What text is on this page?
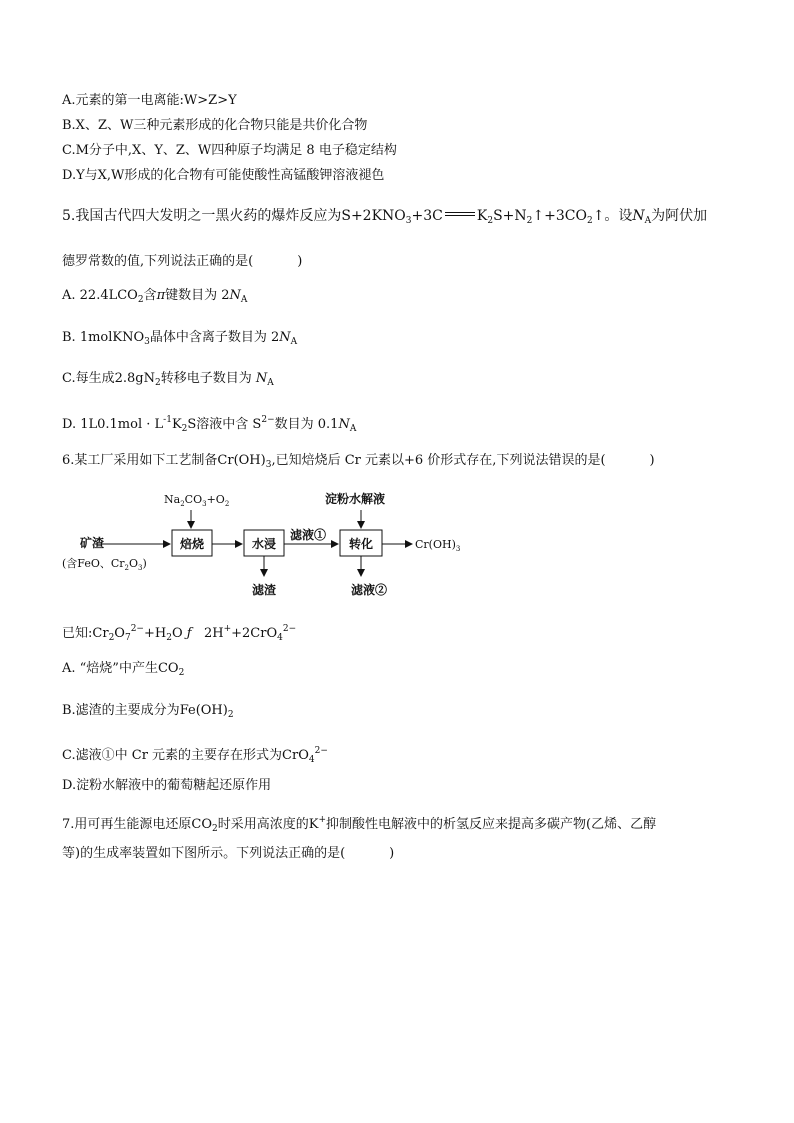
A.元素的第一电离能:W>Z>Y
B.X、Z、W三种元素形成的化合物只能是共价化合物
C.M分子中,X、Y、Z、W四种原子均满足 8 电子稳定结构
D.Y与X,W形成的化合物有可能使酸性高锰酸钾溶液褪色
5.我国古代四大发明之一黑火药的爆炸反应为$S+2KNO_3+3C$ $K_2S+N_2↑+3CO_2↑$。设$N_A$为阿伏加
德罗常数的值,下列说法正确的是(	)
A. $22.4LCO_2$含π键数目为 $2N_A$
B. 1molKNO$_3$晶体中含离子数目为 $2N_A$
C.每生成$2.8gN_2$转移电子数目为 $N_A$
D. $1L0.1mol \cdot L^{-1}K_2S$溶液中含 $S^{2-}$数目为 $0.1N_A$
6.某工厂采用如下工艺制备$Cr(OH)_3$,已知焙烧后 Cr 元素以+6 价形式存在,下列说法错误的是(	)
$Na_2CO_3+O_2$	淀粉水解液
矿渣
(含FeO、$Cr_2O_3$)
焙烧	水浸
滤液①
转化	$Cr(OH)_3$
滤渣	滤液②
已知$:Cr_2O_7^{2-}+H_2O$ ƒ 2H++2CrO$_4^{2-}$
A. “焙烧”中产生$CO_2$
B.滤渣的主要成分为$Fe(OH)_2$
C.滤液①中 Cr 元素的主要存在形式为CrO$_4^{2-}$
D.淀粉水解液中的葡萄糖起还原作用
7.用可再生能源电还原$CO_2$时采用高浓度的K+抑制酸性电解液中的析氢反应来提高多碳产物(乙烯、乙醇
等)的生成率装置如下图所示。下列说法正确的是(	)
